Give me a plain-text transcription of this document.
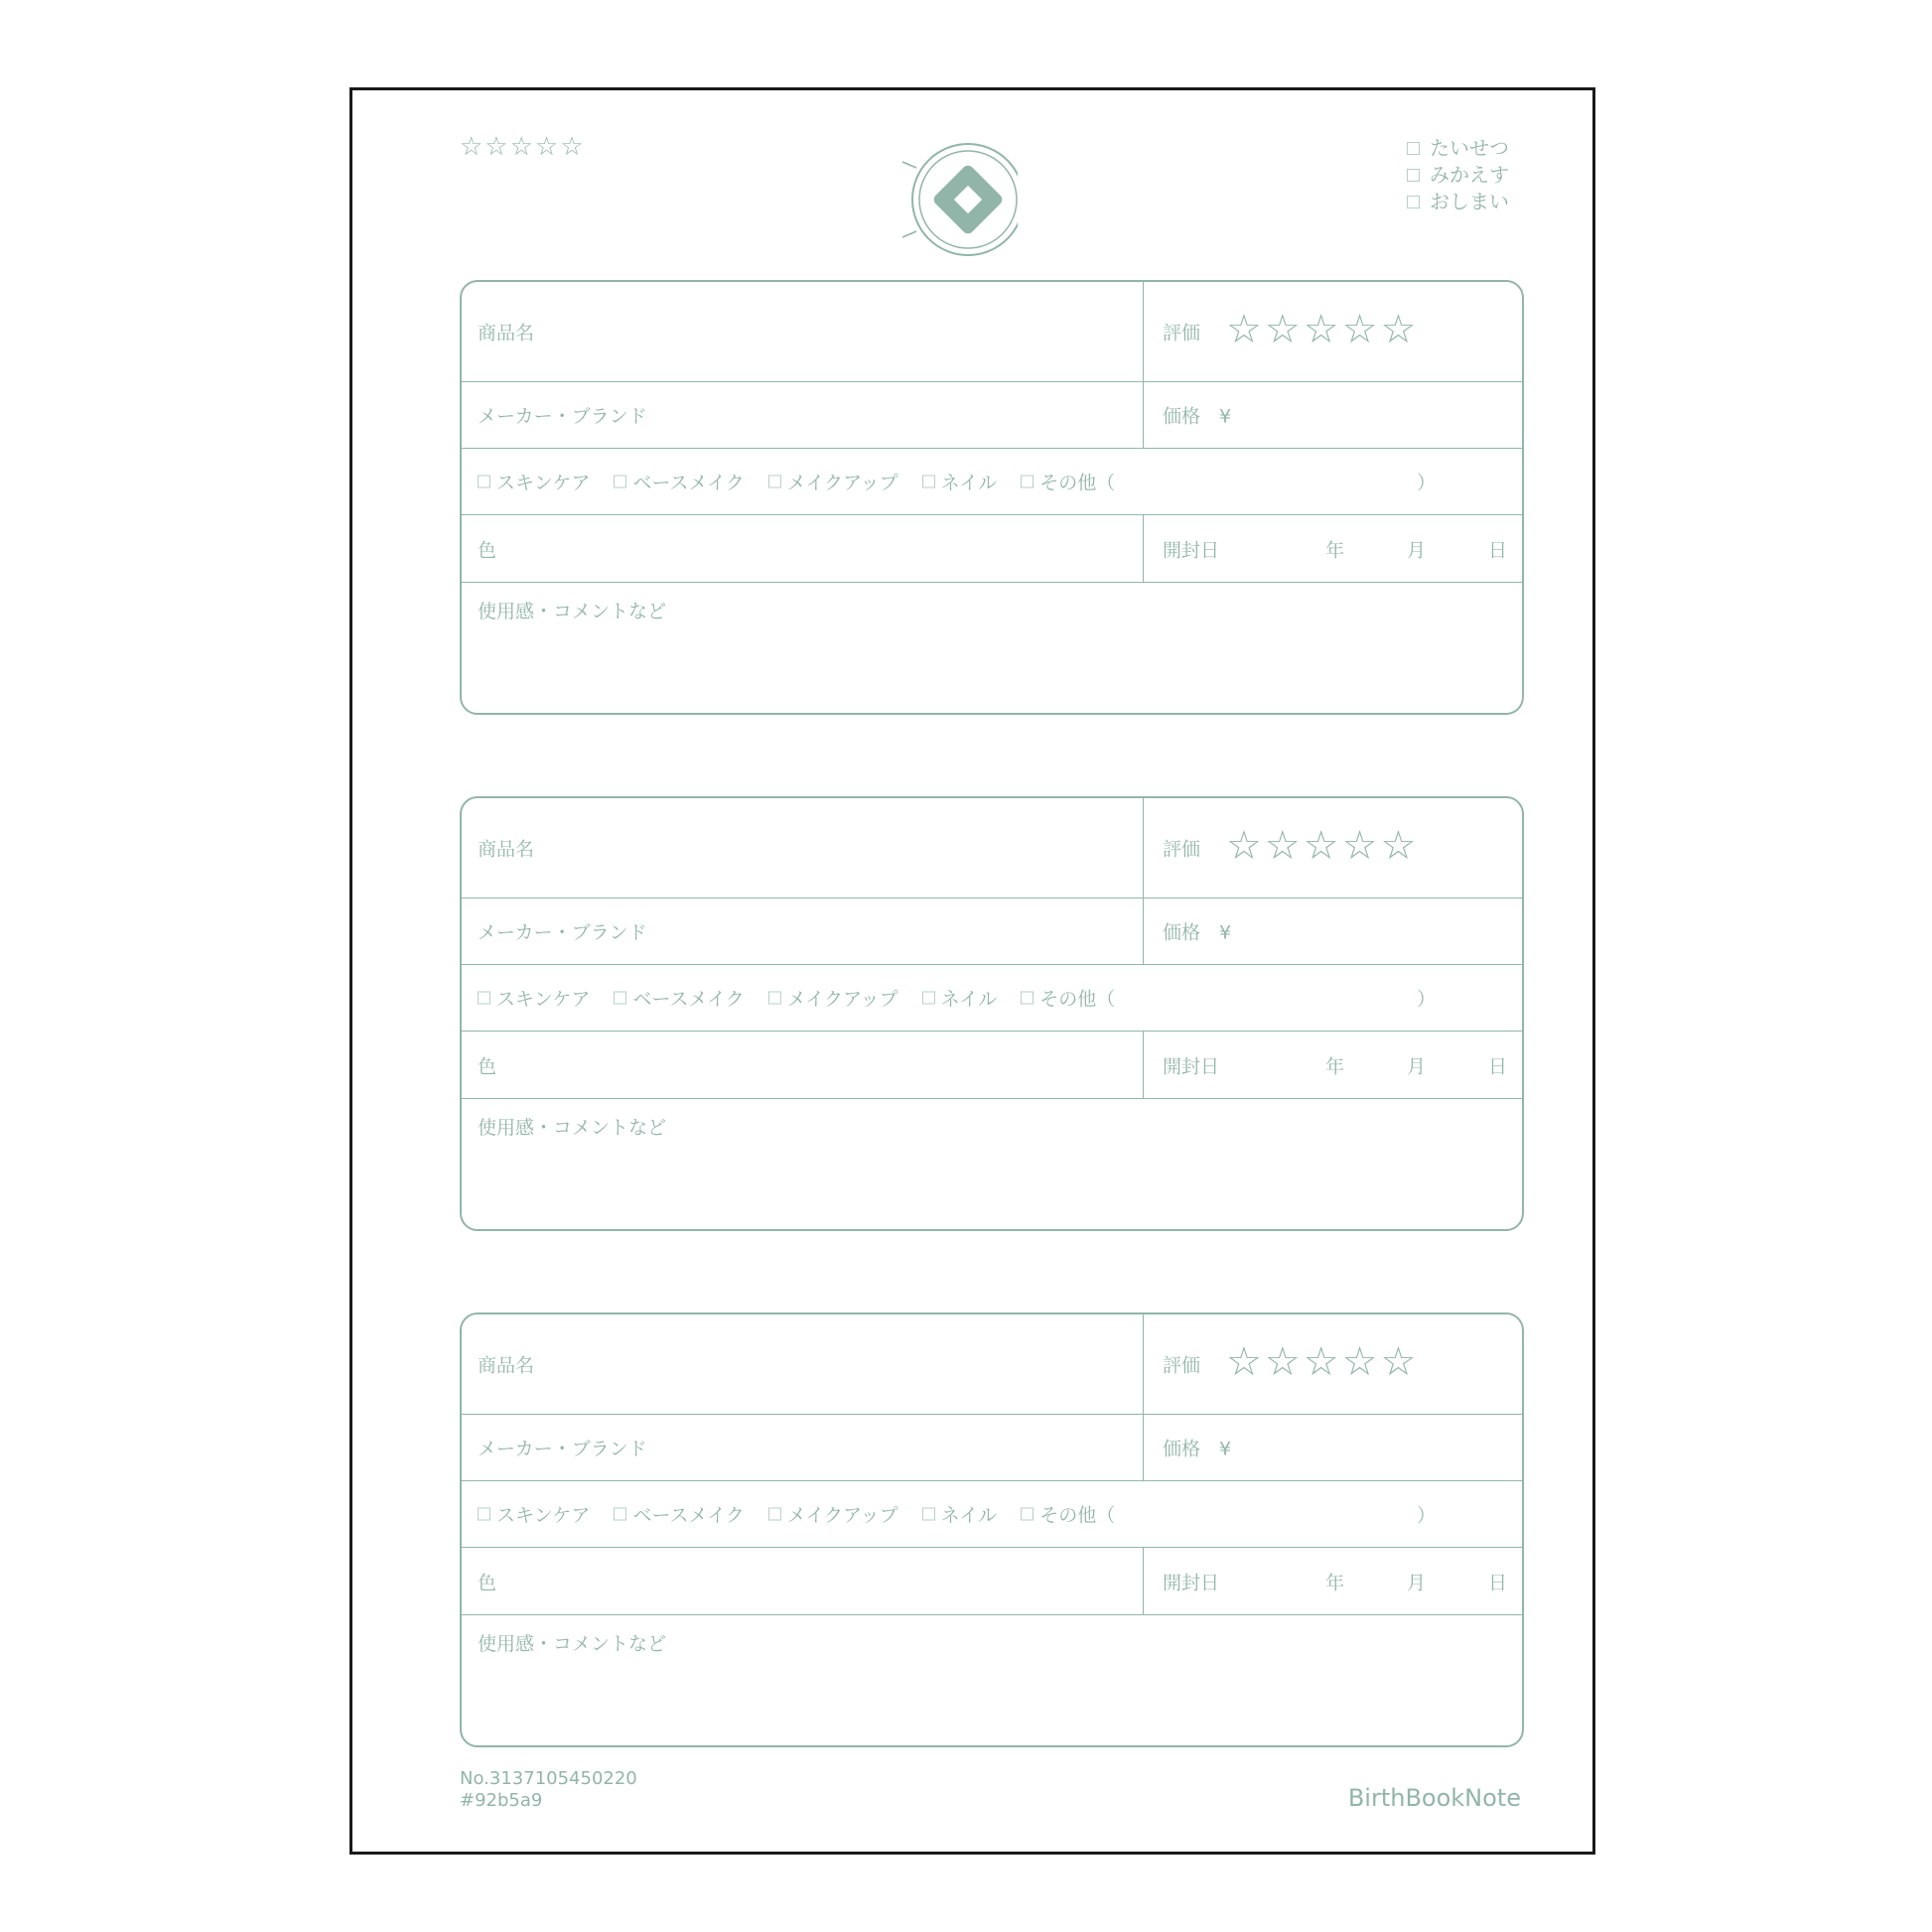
☆☆☆☆☆	たいせつ
みかえす
おしまい
商品名	評価 ☆☆☆☆☆
メーカー・ブランド	価格　¥
スキンケア ベースメイク メイクアップ ネイル その他（	）
色	開封日	年	月	日
使用感・コメントなど
商品名	評価 ☆☆☆☆☆
メーカー・ブランド	価格　¥
スキンケア ベースメイク メイクアップ ネイル その他（	）
色	開封日	年	月	日
使用感・コメントなど
商品名	評価 ☆☆☆☆☆
メーカー・ブランド	価格　¥
スキンケア ベースメイク メイクアップ ネイル その他（	）
色	開封日	年	月	日
使用感・コメントなど
No.3137105450220
#92b5a9	BirthBookNote
